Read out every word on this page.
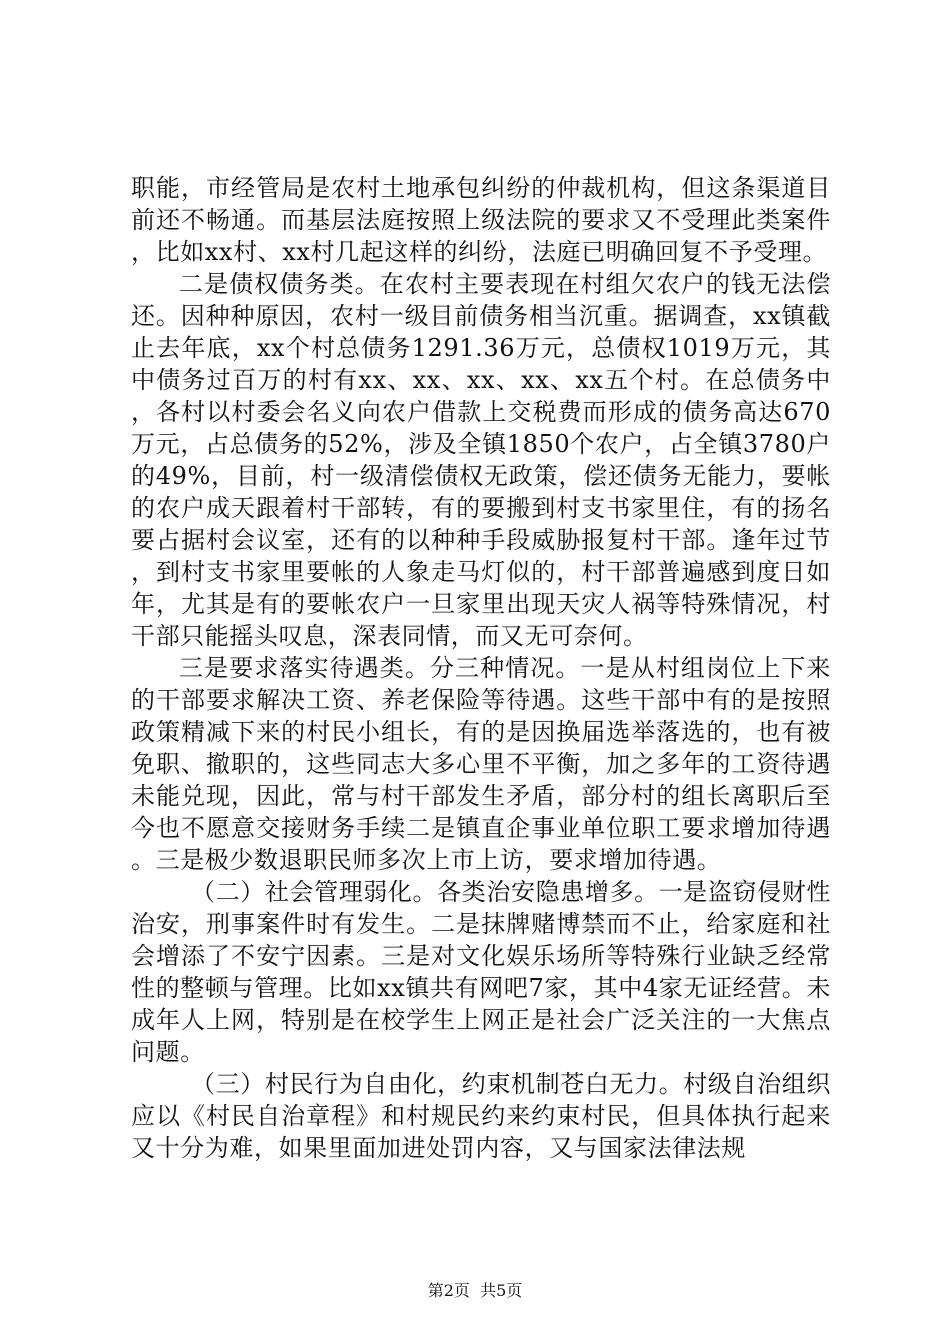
职能，市经管局是农村土地承包纠纷的仲裁机构，但这条渠道目前还不畅通。而基层法庭按照上级法院的要求又不受理此类案件，比如xx村、xx村几起这样的纠纷，法庭已明确回复不予受理。

二是债权债务类。在农村主要表现在村组欠农户的钱无法偿还。因种种原因，农村一级目前债务相当沉重。据调查，xx镇截止去年底，xx个村总债务1291.36万元，总债权1019万元，其中债务过百万的村有xx、xx、xx、xx、xx五个村。在总债务中，各村以村委会名义向农户借款上交税费而形成的债务高达670万元，占总债务的52%，涉及全镇1850个农户，占全镇3780户的49%，目前，村一级清偿债权无政策，偿还债务无能力，要帐的农户成天跟着村干部转，有的要搬到村支书家里住，有的扬名要占据村会议室，还有的以种种手段威胁报复村干部。逢年过节，到村支书家里要帐的人象走马灯似的，村干部普遍感到度日如年，尤其是有的要帐农户一旦家里出现天灾人祸等特殊情况，村干部只能摇头叹息，深表同情，而又无可奈何。

三是要求落实待遇类。分三种情况。一是从村组岗位上下来的干部要求解决工资、养老保险等待遇。这些干部中有的是按照政策精减下来的村民小组长，有的是因换届选举落选的，也有被免职、撤职的，这些同志大多心里不平衡，加之多年的工资待遇未能兑现，因此，常与村干部发生矛盾，部分村的组长离职后至今也不愿意交接财务手续二是镇直企事业单位职工要求增加待遇。三是极少数退职民师多次上市上访，要求增加待遇。

（二）社会管理弱化。各类治安隐患增多。一是盗窃侵财性治安，刑事案件时有发生。二是抹牌赌博禁而不止，给家庭和社会增添了不安宁因素。三是对文化娱乐场所等特殊行业缺乏经常性的整顿与管理。比如xx镇共有网吧7家，其中4家无证经营。未成年人上网，特别是在校学生上网正是社会广泛关注的一大焦点问题。

（三）村民行为自由化，约束机制苍白无力。村级自治组织应以《村民自治章程》和村规民约来约束村民，但具体执行起来又十分为难，如果里面加进处罚内容，又与国家法律法规

第2页  共5页
